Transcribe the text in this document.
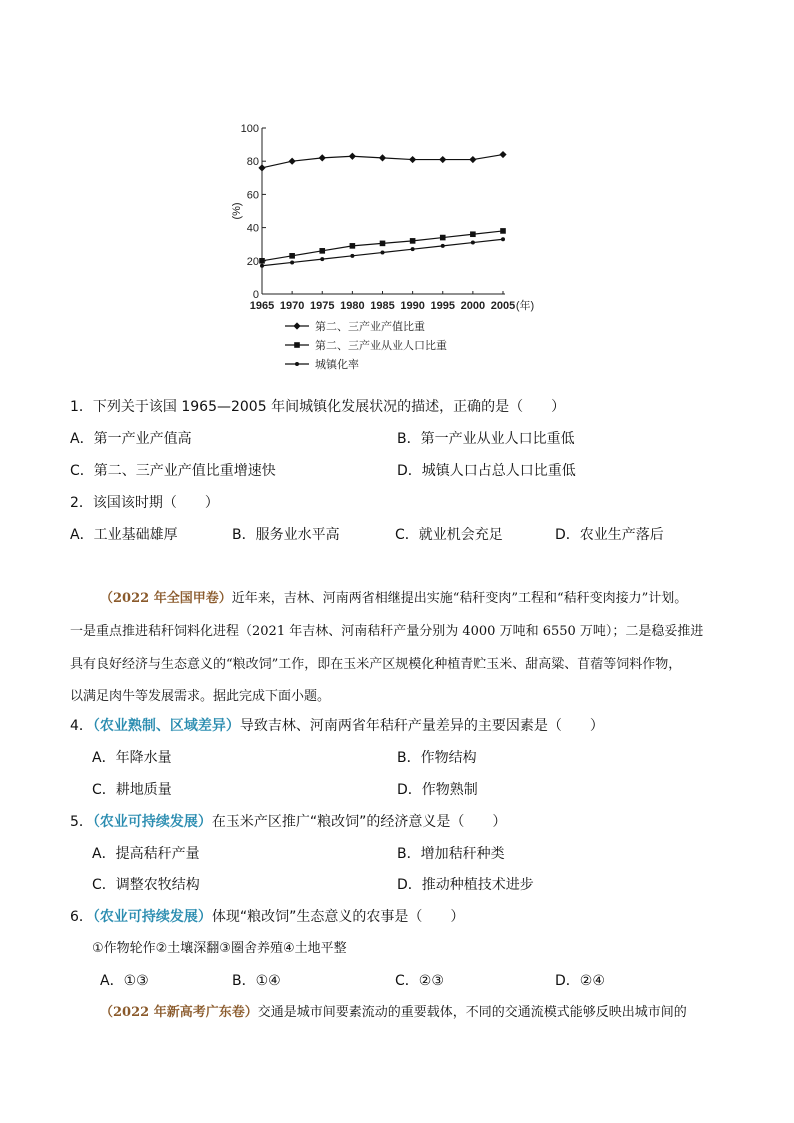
0
20
40
60
80
100
(%)
1965 1970 1975 1980 1985 1990 1995 2000 2005 (年)
第二、三产业产值比重
第二、三产业从业人口比重
城镇化率
1．下列关于该国 1965—2005 年间城镇化发展状况的描述，正确的是（　　）
A．第一产业产值高	B．第一产业从业人口比重低
C．第二、三产业产值比重增速快	D．城镇人口占总人口比重低
2．该国该时期（　　）
A．工业基础雄厚	B．服务业水平高	C．就业机会充足	D．农业生产落后
（2022 年全国甲卷）近年来，吉林、河南两省相继提出实施“秸秆变肉”工程和“秸秆变肉接力”计划。
一是重点推进秸秆饲料化进程（2021 年吉林、河南秸秆产量分别为 4000 万吨和 6550 万吨）；二是稳妥推进
具有良好经济与生态意义的“粮改饲”工作，即在玉米产区规模化种植青贮玉米、甜高粱、苜蓿等饲料作物，
以满足肉牛等发展需求。据此完成下面小题。
4．（农业熟制、区域差异）导致吉林、河南两省年秸秆产量差异的主要因素是（　　）
A．年降水量	B．作物结构
C．耕地质量	D．作物熟制
5．（农业可持续发展）在玉米产区推广“粮改饲”的经济意义是（　　）
A．提高秸秆产量	B．增加秸秆种类
C．调整农牧结构	D．推动种植技术进步
6．（农业可持续发展）体现“粮改饲”生态意义的农事是（　　）
①作物轮作②土壤深翻③圈舍养殖④土地平整
A．①③	B．①④	C．②③	D．②④
（2022 年新高考广东卷）交通是城市间要素流动的重要载体，不同的交通流模式能够反映出城市间的
